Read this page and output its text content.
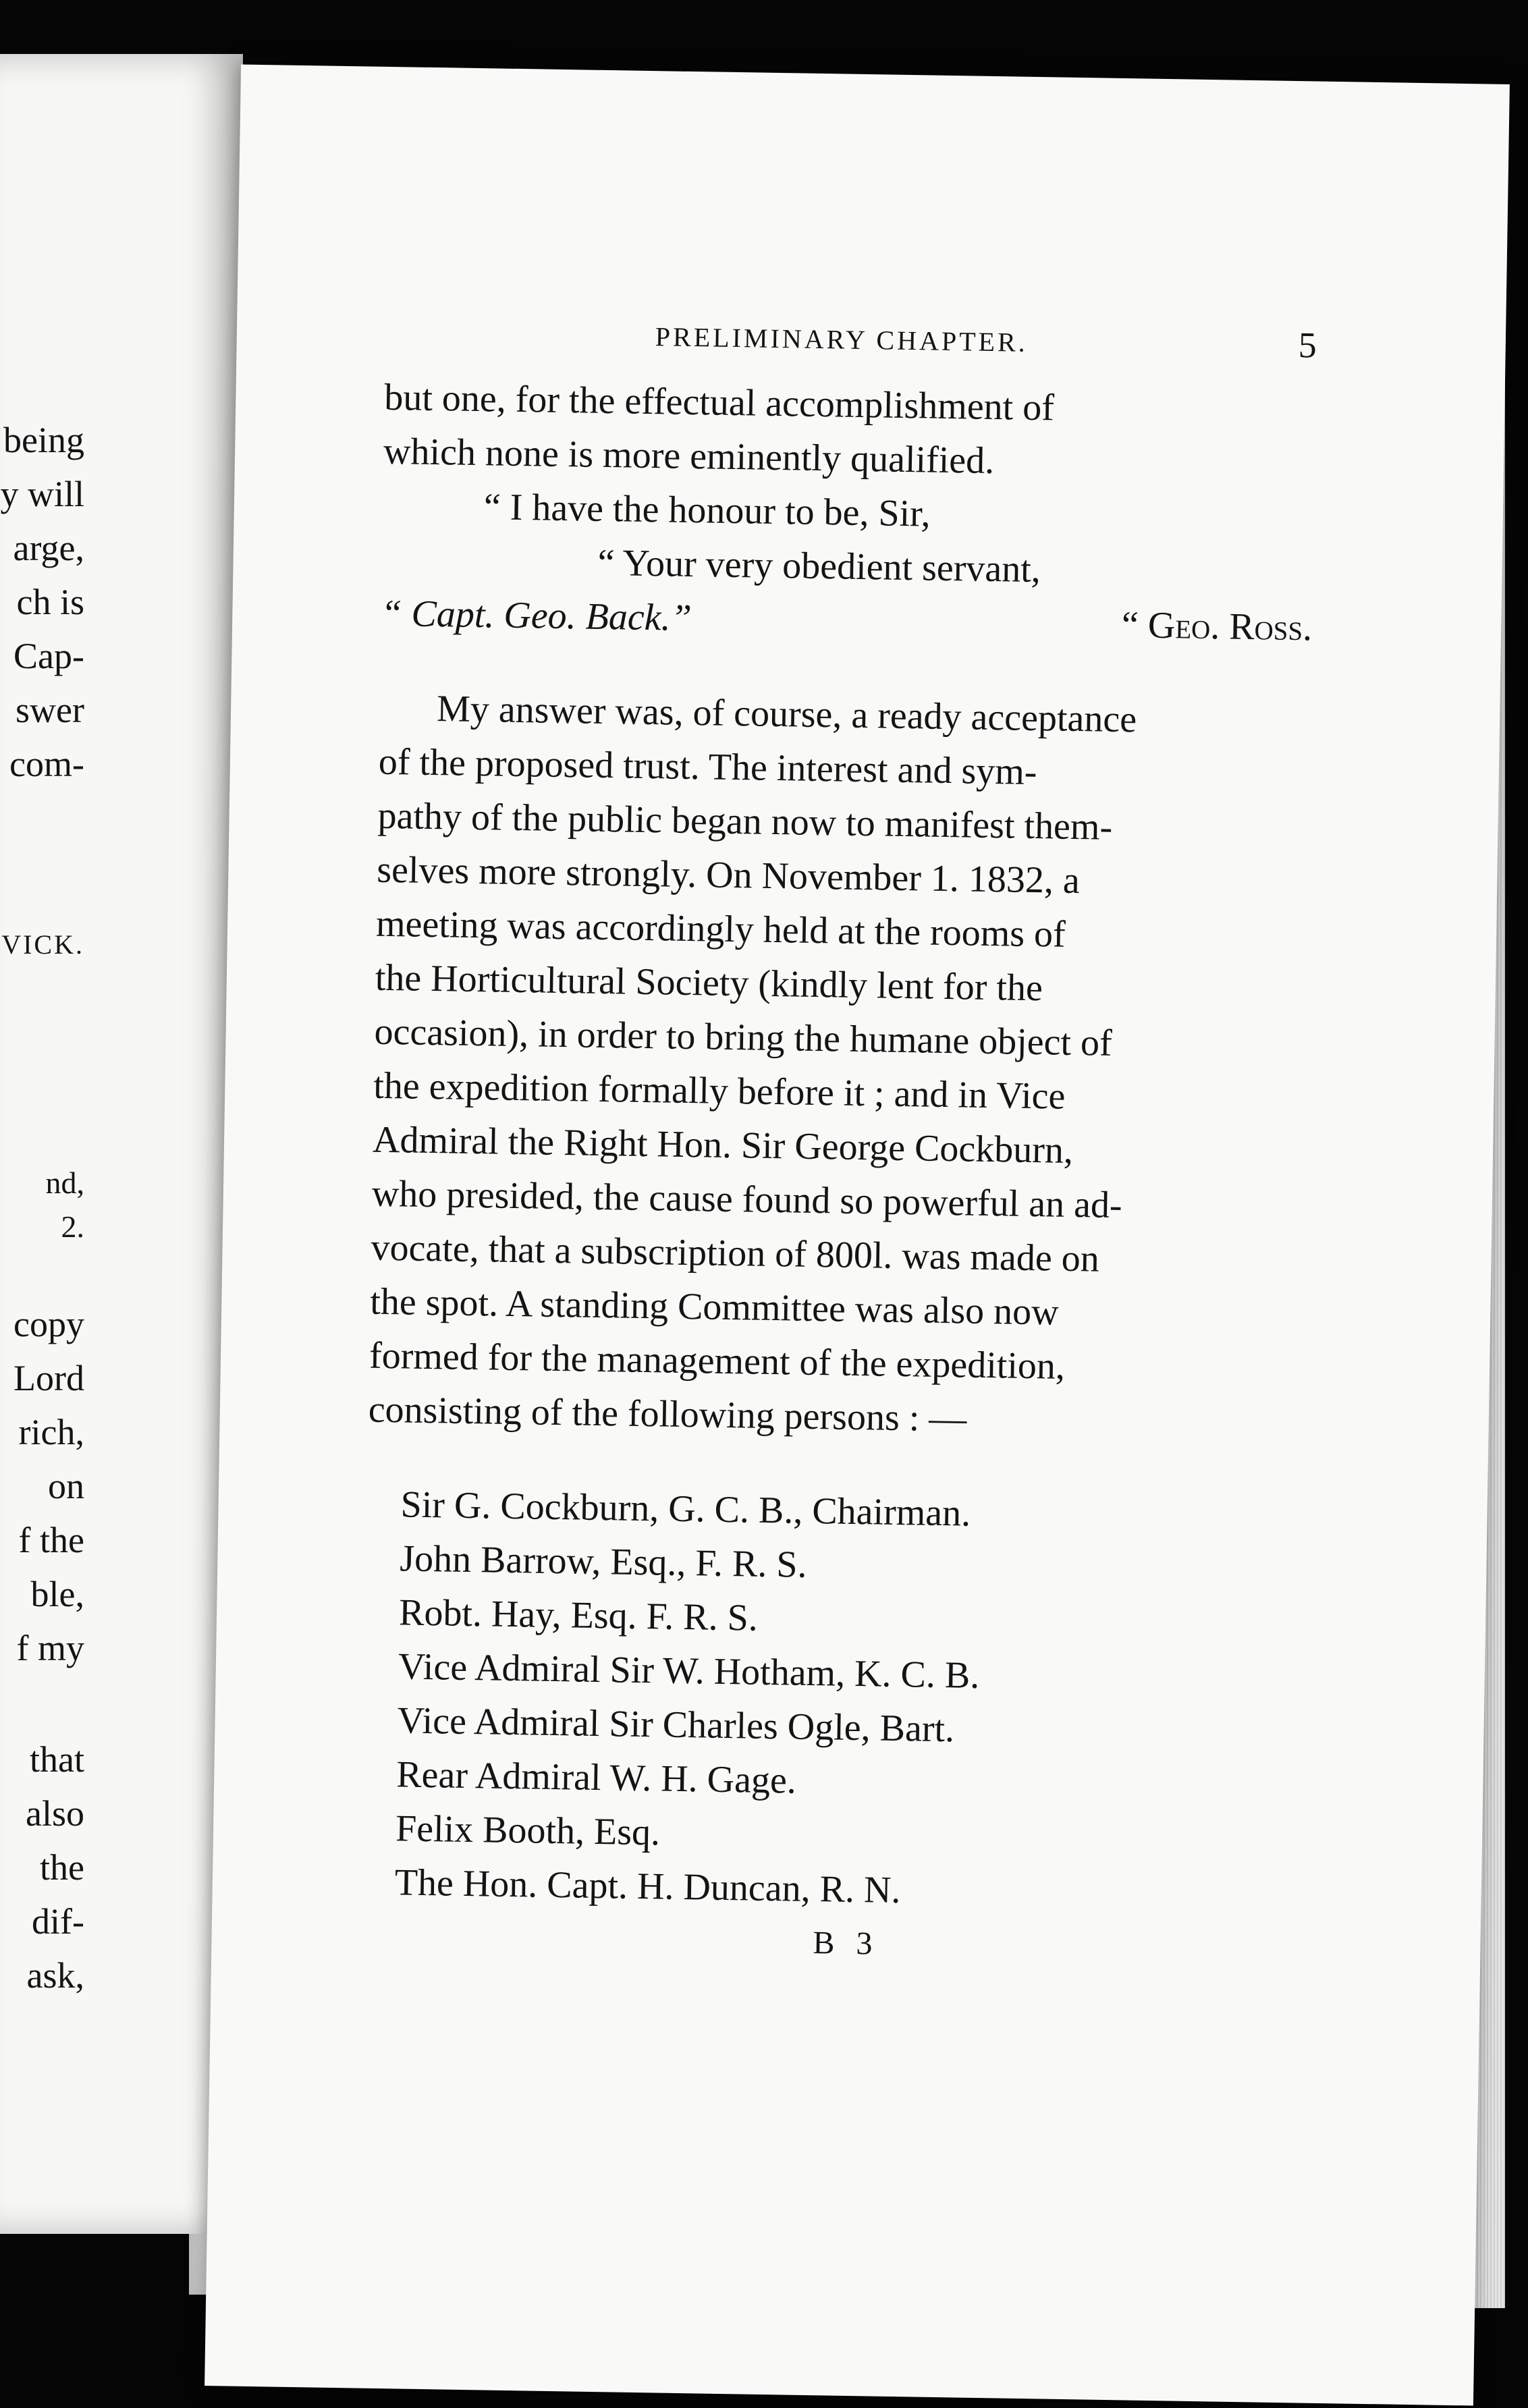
being
y will
arge,
ch is
Cap-
swer
com-
VICK.
nd,
2.
copy
Lord
rich,
on
f the
ble,
f my
that
also
the
dif-
ask,
PRELIMINARY CHAPTER.	5
but one, for the effectual accomplishment of
which none is more eminently qualified.
“ I have the honour to be, Sir,
“ Your very obedient servant,
“ Capt. Geo. Back.”	“ Geo. Ross.
My answer was, of course, a ready acceptance
of the proposed trust. The interest and sym-
pathy of the public began now to manifest them-
selves more strongly. On November 1. 1832, a
meeting was accordingly held at the rooms of
the Horticultural Society (kindly lent for the
occasion), in order to bring the humane object of
the expedition formally before it ; and in Vice
Admiral the Right Hon. Sir George Cockburn,
who presided, the cause found so powerful an ad-
vocate, that a subscription of 800l. was made on
the spot. A standing Committee was also now
formed for the management of the expedition,
consisting of the following persons : —
Sir G. Cockburn, G. C. B., Chairman.
John Barrow, Esq., F. R. S.
Robt. Hay, Esq. F. R. S.
Vice Admiral Sir W. Hotham, K. C. B.
Vice Admiral Sir Charles Ogle, Bart.
Rear Admiral W. H. Gage.
Felix Booth, Esq.
The Hon. Capt. H. Duncan, R. N.
B 3
